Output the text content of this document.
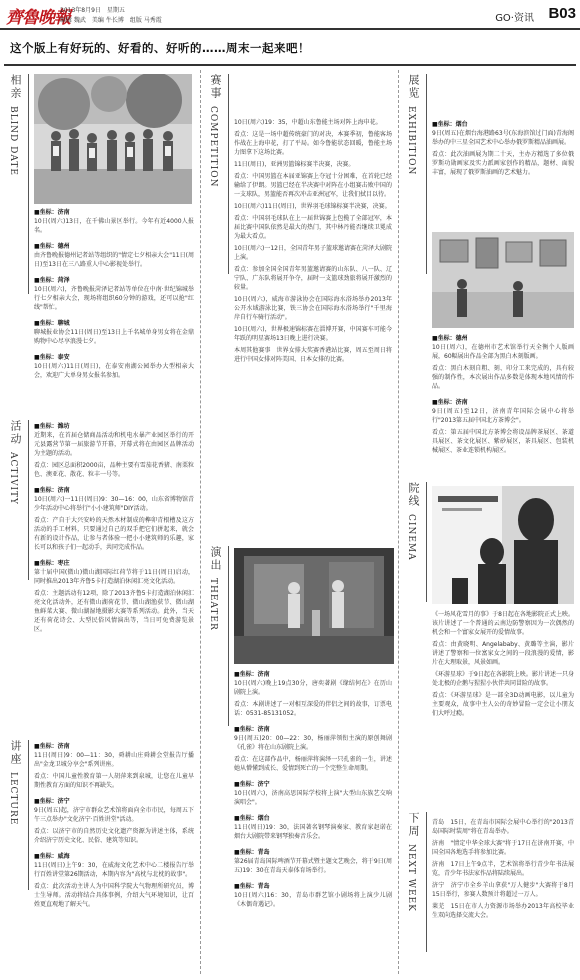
齊魯晚報
2013年8月9日　星期五
编辑 魏武　美编 牛长博　组版 马秀霞	GO·资讯 B03
这个版上有好玩的、好看的、好听的……周末一起来吧！
相亲
BLIND DATE
■坐标：济南
10日(周六)13日，在千佛山景区举行。今年有近4000人报名。
■坐标：德州
由齐鲁晚报德州记者站等组织的"情定七夕相亲大会"11日(周日)至13日在三八路重人中心影视处举行。
■坐标：菏泽
10日(周六)，齐鲁晚报菏泽记者站等单位在中南·世纪锦城举行七夕相亲大会，现场将组织60分钟的游戏，还可以抢"红线"帮忙。
■坐标：聊城
聊城报业协会11日(周日)至13日上千名城单身男女将在金鼎购物中心尽享浪漫七夕。
■坐标：泰安
10日(周六)11日(周日)，在泰安南湖公园举办大型相亲大会，欢迎广大单身男女报名参加。
活动
ACTIVITY
■坐标：潍坊
近期来，在首届仓储商品活动和机电水暴产业园区举行的开元县露营节第一届旅游节开幕，开幕式将在由园区品牌活动为主题的活动。
看点：园区总面积2000亩，品种主要有雪茄花香猪、南栗粒色、澳亚花、散花、粒丰一号等。
■坐标：济南
10日(周六)一11日(周日)9：30—16：00，山东省博物馆青少年活动中心将举行"小小建筑师"DIY活动。
看点：产自于大兴安岭的天然木材制成的榫卯青根槽及这方活动的手工材料，只要通过自己的双手把它们拼起来，就会有新的设计作品，让参与者体验一把小小建筑师的乐趣，家长可以和孩子们一起动手，共同完成作品。
■坐标：枣庄
第十届中国(微山)微山湖国际红荷节将于11日(周日)启动，同时推出2013年齐鲁5卡打造湖泊休闲汇亮文化活动。
看点：主题活动有12项，除了2013齐鲁5卡打造湖泊休闲汇亮文化活动外，还有微山湖荷花节、微山湖渔获节、微山湖鱼鲜菜大赛、微山湖湿地摄影大赛等系列活动。此外，当天还有荷花诗会、大型民俗风情演出等，当日可免费游览景区。
讲座
LECTURE
■坐标：济南
11日(周日)9：00—11：30，舜耕山庄舜耕会堂报告厅播出"金龙卫城分享会"系列讲座。
看点：中国儿童性教育第一人胡萍来到泉城，让您在儿童早期性教育方面的知识不再缺失。
■坐标：济宁
9日(周五)起，济宁市群众艺术馆将面向全市市民，每周五下午三点举办"文化济宁·百姓讲堂"活动。
看点：以济宁市的自然历史文化遗产资源为讲述主体，系统介绍济宁历史文化、民俗、建筑等知识。
■坐标：威海
11日(周日)上午9：30，在威海文化艺术中心二楼报告厅举行百姓讲堂第26期活动，本期内容为"高枕与北枕的故事"。
看点：此次活动主讲人为中国科学院大气物理所研究员，博士生导师。活动将结合具体事例，介绍大气环境知识，让百姓更直观地了解天气。
赛事
COMPETITION	10日(周六)19：35，中超山东鲁能主场对阵上海申花。
看点：这是一场中超传统豪门的对决，本赛季初，鲁能客场作战在上海申花，打了平局。如今鲁能状态回暖，鲁能主场力图拿下这场比赛。
11日(周日)，亚洲男篮锦标赛半决赛，决赛。
看点：中国男篮在本届亚锦赛上夺冠十分困难，在首轮已经输给了伊朗。男篮已经在半决赛中对阵在小组赛击败中国的一支球队，男篮能否再次冲击亚洲冠军，让我们拭目以待。
10日(周六)11日(周日)，世界羽毛球锦标赛半决赛，决赛。
看点：中国羽毛球队在上一届世锦赛上包揽了全部冠军，本届比赛中国队依然是最大的热门，其中林丹能否继续卫冕成为最大看点。
10日(周六)一12日，全国青年男子篮球邀请赛在菏泽大剧院上演。
看点：参加全国全国青年男篮邀请赛的山东队、八一队、辽宁队、广东队将展开争夺，届时一支篮球劲旅将展开激烈的较量。
10日(周六)，威海市游泳协会在国际海水浴场举办2013年公开水域游泳比赛，铁三协会在国际海水浴场举行"千里海岸自行车骑行活动"。
10日(周六)，世界极速锦标赛在淄博开赛，中国赛车可能今年跃的明星赛场13日晚上进行决赛。
本周其他赛事　世界女排大奖赛香港站比赛，周五至周日将进行中国女排对阵美国、日本女排的比赛。
演出
THEATER
■坐标：济南
10日(周六)晚上19点30分，唐奕著剧《缘结何在》在历山剧院上演。
看点：本剧讲述了一对相互深爱的伴侣之间的故事，订票电话：0531-85131052。
■坐标：济南
9日(周五)20：00—22：30，杨丽萍领衔主演的原创舞剧《孔雀》将在山东剧院上演。
看点：在这部作品中，杨丽萍将演绎一只孔雀的一生，讲述她从懵懂到成长、爱情到死亡的一个完整生命周期。
■坐标：济宁
10日(周六)，济南高思国际学校将上演"大型山东族艺交响演唱会"。
■坐标：烟台
11日(周日)19：30，法国著名钢琴演奏家、教育家赵诺在烟台大剧院带来钢琴独奏音乐会。
■坐标：青岛
第26届青岛国际啤酒节开幕式暨主题文艺晚会，将于9日(周五)19：30在青岛天泰体育场举行。
■坐标：青岛
10日(周六)16：30，青岛市群艺馆小剧场将上演少儿剧《木偶奇遇记》。
展览
EXHIBITION	■坐标：烟台
9日(周五)在烟台海港路63号(东海滨馆过门面)青海阁举办的中三星全国艺术中心举办俄罗斯精品油画展。
看点：此次油画展为期二十天，主办方精选了多位俄罗斯功勋画家及实力派画家创作的精品，题材、面貌丰富，展现了俄罗斯油画的艺术魅力。
■坐标：德州
10日(周六)，在德州市艺术馆举行天全衡个人版画展，60幅展出作品全部为黑白木刻版画。
看点：黑白木刻自粗、刻、印分工来完成的，具有较强的制作性，本次展出作品多数是体现本地风情的作品。
■坐标：济南
9日(周五)至12日，济南青年国际会展中心将举行"2013第五届中国北方茶博会"。
看点：第五届中国北方茶博会将设品牌茶展区、茶道具展区、茶文化展区、紫砂展区，茶具展区、包装机械展区、茶业连锁机构展区。
院线
CINEMA
《一场风花雪月的事》于8日起在各地影院正式上映。该片讲述了一个普通的云南边防警察因为一次偶然的机会和一个富家女展开的爱情故事。
看点：由黄晓明、Angelababy、黄璐等主演，影片讲述了警察和一位富家女之间的一段浪漫的爱情，影片在大理取景，风景如画。
《环游星球》于9日起在各影院上映。影片讲述一只身处北极的企鹅与猩猩小伙伴共同冒险的故事。
看点：《环游星球》是一部全3D动画电影，以儿童为主要观众，故事中主人公的奇妙冒险一定会让小朋友们大呼过瘾。
下周
NEXT WEEK
青岛　15日，在青岛市国际会展中心举行的"2013青岛国际时装周"将在青岛举办。
济南　"情定中华全球大赛"将于17日在济南开赛，中国全国各地选手将参加比赛。
济南　17日上午9点半，艺术馆将举行青少年书法展览，青少年书法家作品将陆续展出。
济宁　济宁市全乡羊山拿获"万人健步"大赛将于8月15日举行，参赛人数预计将超过一万人。
莱芜　15日在市人力资源市场举办2013年高校毕业生双向选择交流大会。
